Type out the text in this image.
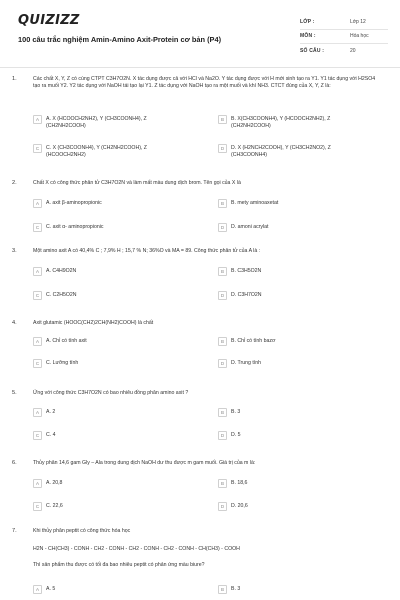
QUIZIZZ
100 câu trắc nghiệm Amin-Amino Axit-Protein cơ bản (P4)
LỚP :	Lớp 12
MÔN :	Hóa học
SỐ CÂU :	20
1.	Các chất X, Y, Z có cùng CTPT C3H7O2N. X tác dụng được cả với HCl và Na2O. Y tác dụng được với H mới sinh tạo ra Y1. Y1 tác dụng với H2SO4 tạo ra muối Y2. Y2 tác dụng với NaOH tái tạo lại Y1. Z tác dụng với NaOH tạo ra một muối và khí NH3. CTCT đúng của X, Y, Z là:
A	A. X (HCOOCH2NH2), Y (CH3COONH4), Z (CH2NH2COOH)
B	B. X(CH3COONH4), Y (HCOOCH2NH2), Z (CH2NH2COOH)
C	C. X (CH3COONH4), Y (CH2NH2COOH), Z (HCOOCH2NH2)
D	D. X (H2NCH2COOH), Y (CH3CH2NO2), Z (CH3COONH4)
2.	Chất X có công thức phân tử C3H7O2N và làm mất màu dung dịch brom. Tên gọi của X là
A	A. axit β-aminopropionic	B	B. mety aminoaxetat
C	C. axit α- aminopropionic	D	D. amoni acrylat
3.	Một amino axit A có 40,4% C ; 7,9% H ; 15,7 % N; 36%O và MA = 89. Công thức phân tử của A là :
A	A. C4H9O2N	B	B. C3H5O2N
C	C. C2H5O2N	D	D. C3H7O2N
4.	Axit glutamic (HOOC(CH2)2CH(NH2)COOH) là chất
A	A. Chỉ có tính axit	B	B. Chỉ có tính bazơ
C	C. Lưỡng tính	D	D. Trung tính
5.	Ứng với công thức C3H7O2N có bao nhiêu đồng phân amino axit ?
A	A. 2	B	B. 3
C	C. 4	D	D. 5
6.	Thủy phân 14,6 gam Gly – Ala trong dung dịch NaOH dư thu được m gam muối. Giá trị của m là:
A	A. 20,8	B	B. 18,6
C	C. 22,6	D	D. 20,6
7.	Khi thủy phân peptit có công thức hóa học
H2N - CH(CH3) - CONH - CH2 - CONH - CH2 - CONH - CH2 - CONH - CH(CH3) - COOH
Thì sản phẩm thu được có tối đa bao nhiêu peptit có phản ứng màu biure?
A	A. 5	B	B. 3
